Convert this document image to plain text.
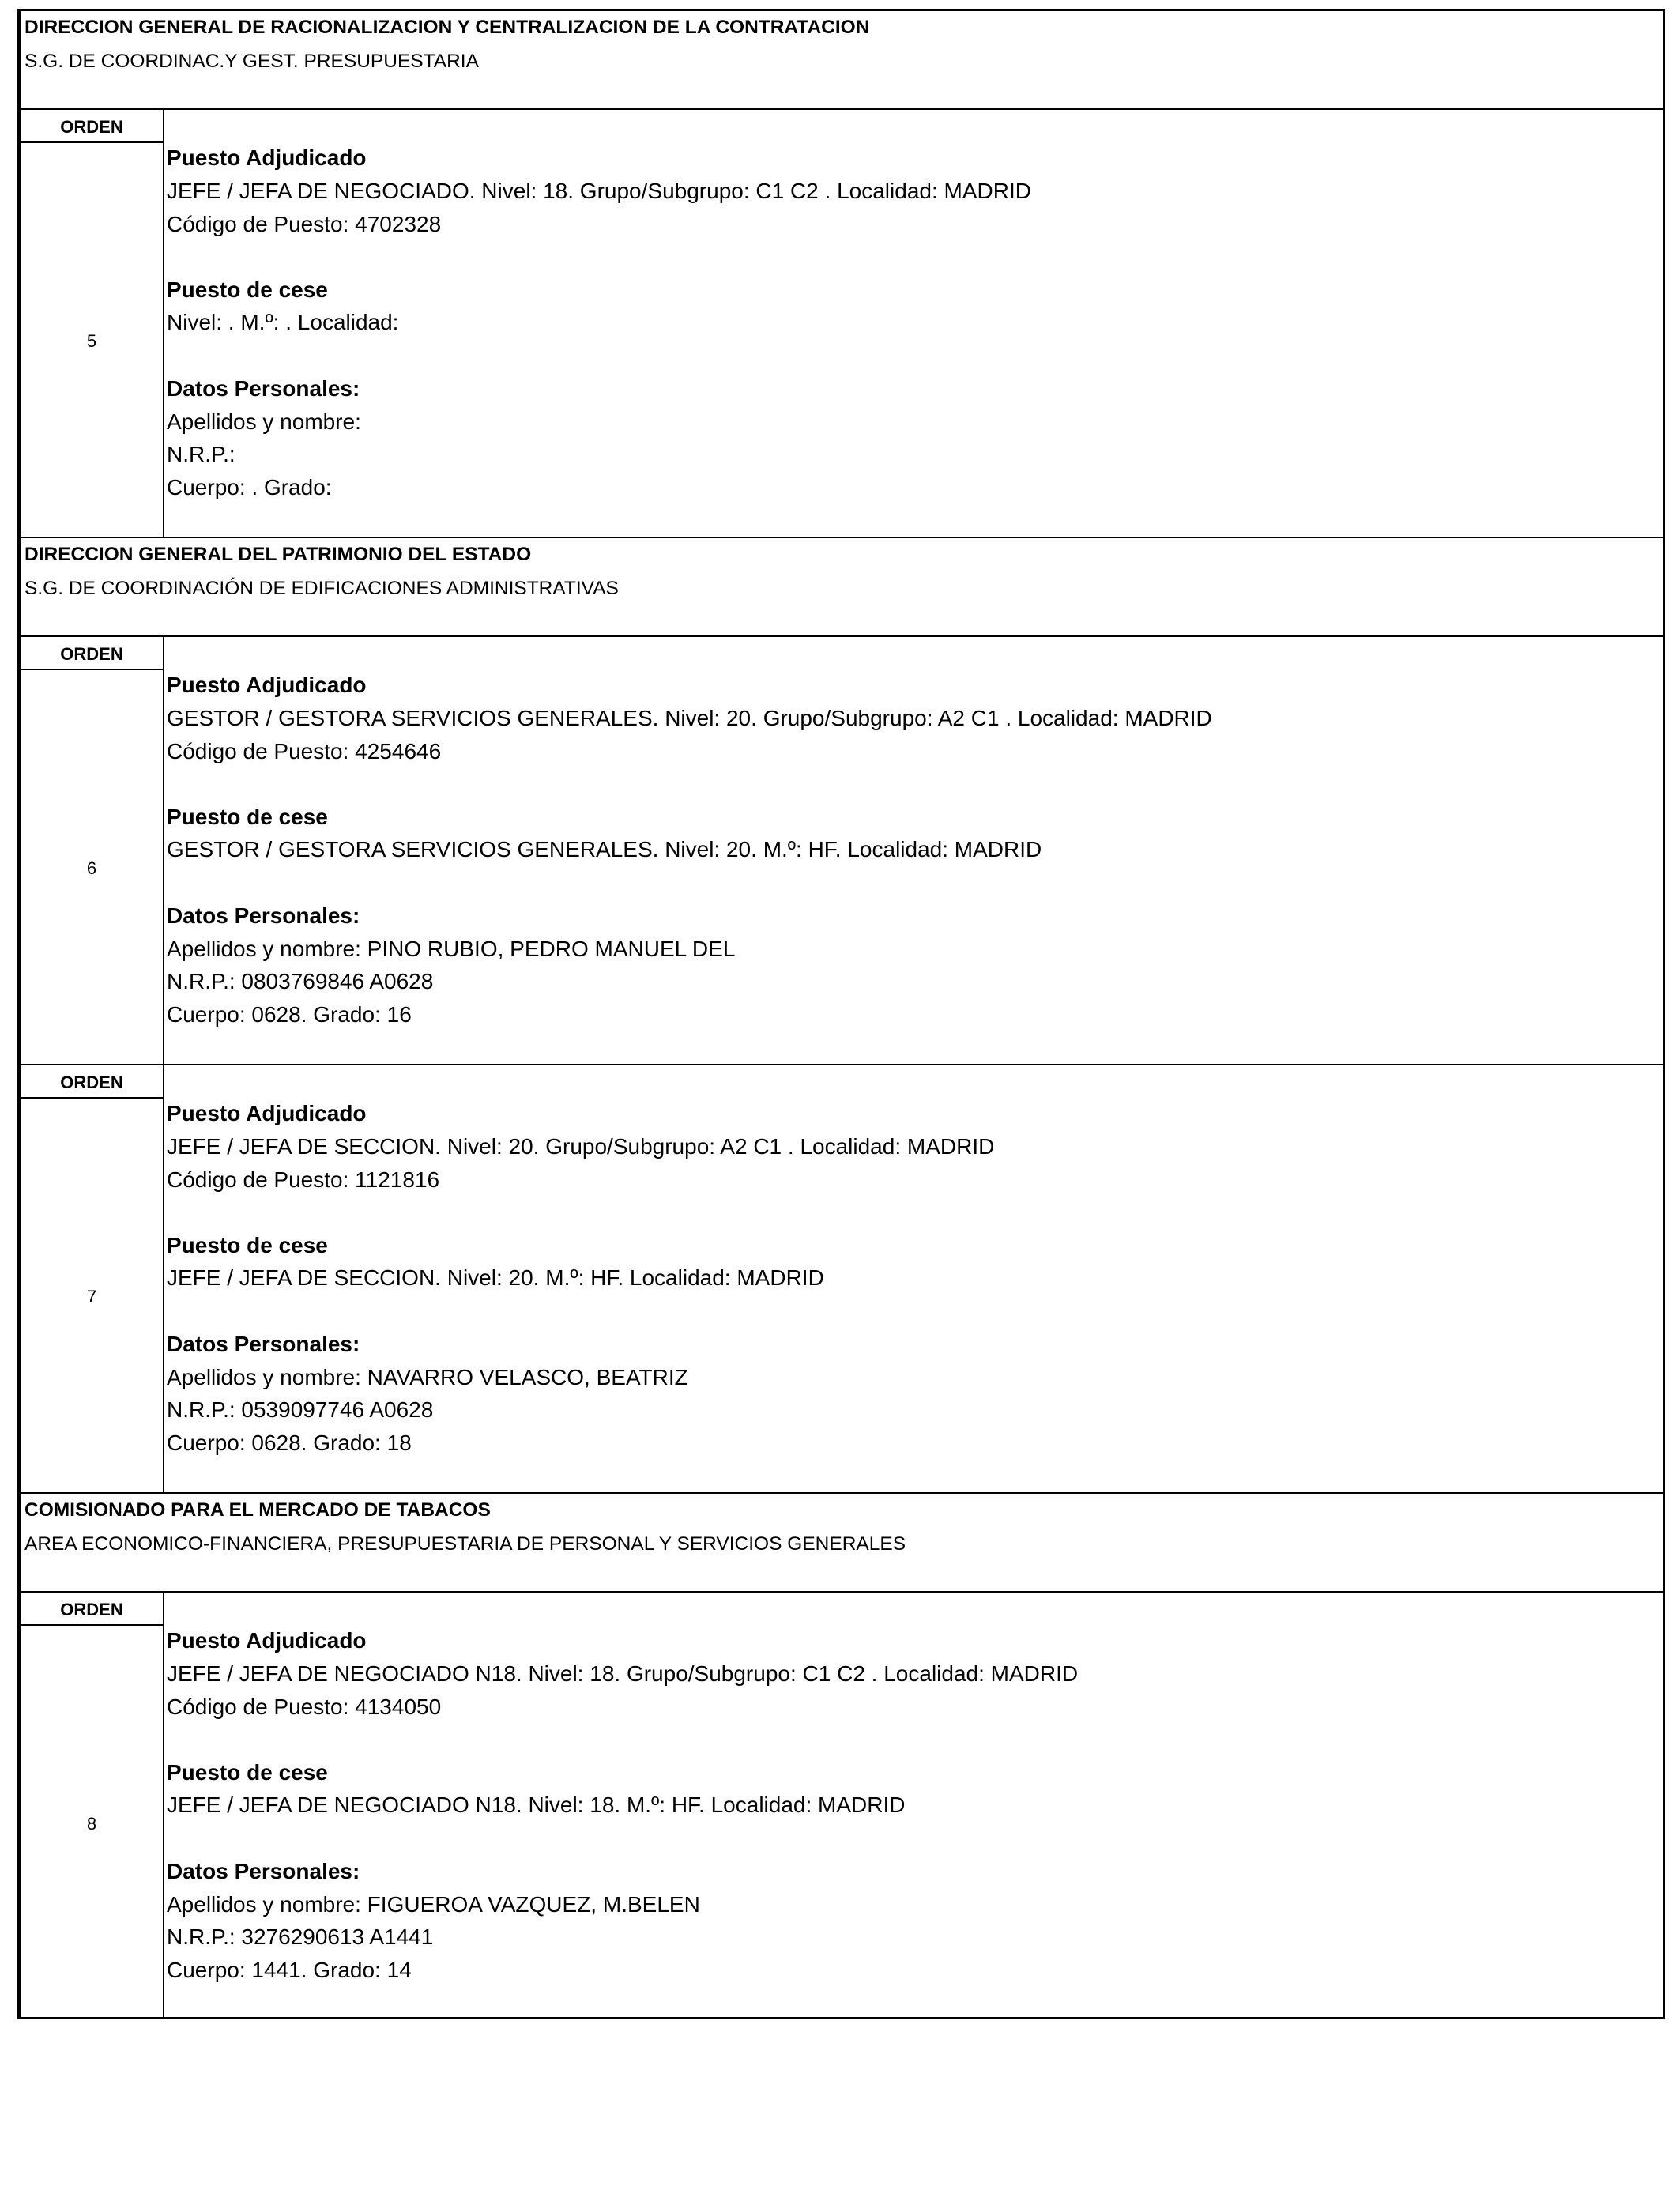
DIRECCION GENERAL DE RACIONALIZACION Y CENTRALIZACION DE LA CONTRATACION
S.G. DE COORDINAC.Y GEST. PRESUPUESTARIA
ORDEN
5
Puesto Adjudicado
JEFE / JEFA DE NEGOCIADO. Nivel: 18. Grupo/Subgrupo: C1 C2 . Localidad: MADRID
Código de Puesto: 4702328
Puesto de cese
Nivel: . M.º: . Localidad:
Datos Personales:
Apellidos y nombre:
N.R.P.:
Cuerpo: . Grado:
DIRECCION GENERAL DEL PATRIMONIO DEL ESTADO
S.G. DE COORDINACIÓN DE EDIFICACIONES ADMINISTRATIVAS
ORDEN
6
Puesto Adjudicado
GESTOR / GESTORA SERVICIOS GENERALES. Nivel: 20. Grupo/Subgrupo: A2 C1 . Localidad: MADRID
Código de Puesto: 4254646
Puesto de cese
GESTOR / GESTORA SERVICIOS GENERALES. Nivel: 20. M.º: HF. Localidad: MADRID
Datos Personales:
Apellidos y nombre: PINO RUBIO, PEDRO MANUEL DEL
N.R.P.: 0803769846 A0628
Cuerpo: 0628. Grado: 16
ORDEN
7
Puesto Adjudicado
JEFE / JEFA DE SECCION. Nivel: 20. Grupo/Subgrupo: A2 C1 . Localidad: MADRID
Código de Puesto: 1121816
Puesto de cese
JEFE / JEFA DE SECCION. Nivel: 20. M.º: HF. Localidad: MADRID
Datos Personales:
Apellidos y nombre: NAVARRO VELASCO, BEATRIZ
N.R.P.: 0539097746 A0628
Cuerpo: 0628. Grado: 18
COMISIONADO PARA EL MERCADO DE TABACOS
AREA ECONOMICO-FINANCIERA, PRESUPUESTARIA DE PERSONAL Y SERVICIOS GENERALES
ORDEN
8
Puesto Adjudicado
JEFE / JEFA DE NEGOCIADO N18. Nivel: 18. Grupo/Subgrupo: C1 C2 . Localidad: MADRID
Código de Puesto: 4134050
Puesto de cese
JEFE / JEFA DE NEGOCIADO N18. Nivel: 18. M.º: HF. Localidad: MADRID
Datos Personales:
Apellidos y nombre: FIGUEROA VAZQUEZ, M.BELEN
N.R.P.: 3276290613 A1441
Cuerpo: 1441. Grado: 14
